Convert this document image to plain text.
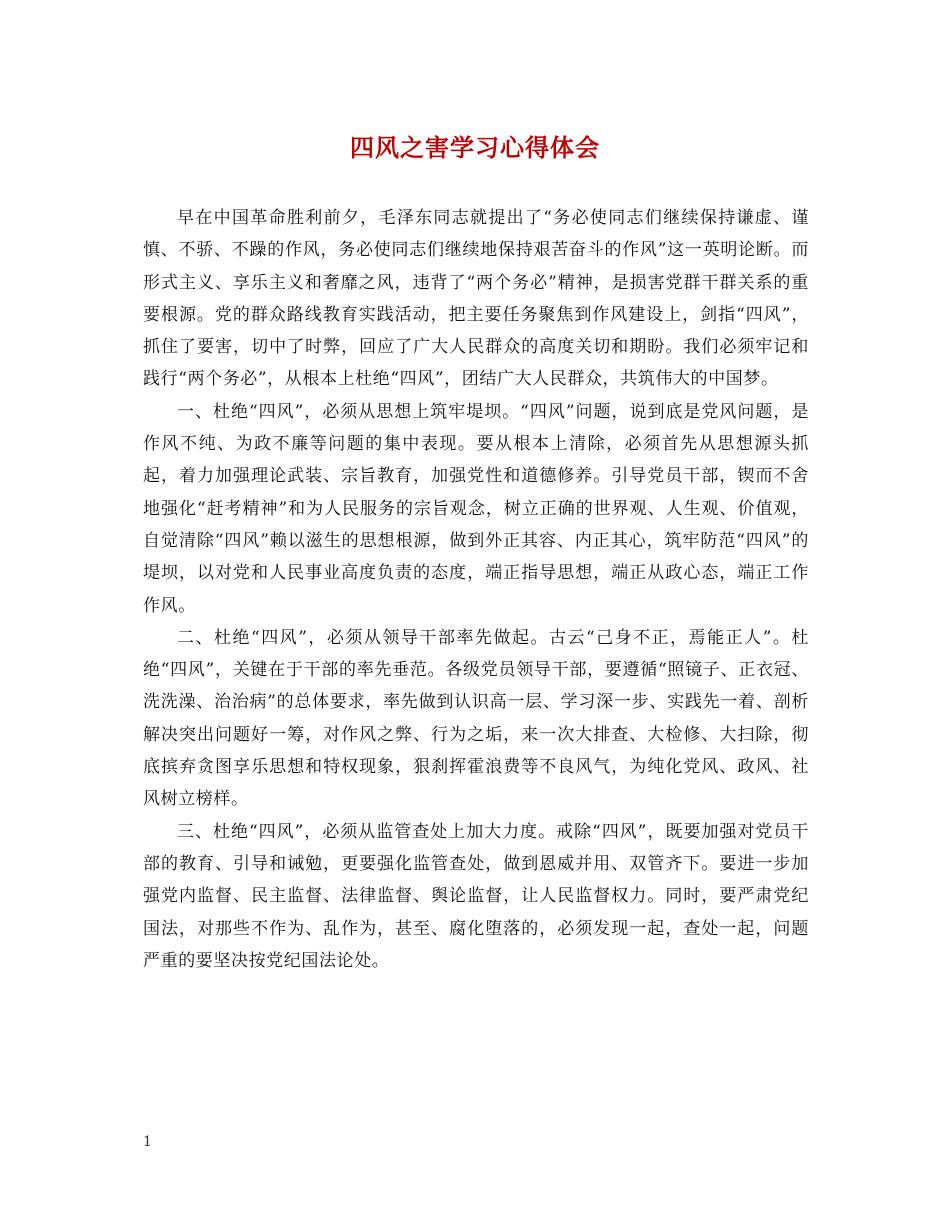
四风之害学习心得体会

早在中国革命胜利前夕，毛泽东同志就提出了“务必使同志们继续保持谦虚、谨慎、不骄、不躁的作风，务必使同志们继续地保持艰苦奋斗的作风”这一英明论断。而形式主义、享乐主义和奢靡之风，违背了“两个务必”精神，是损害党群干群关系的重要根源。党的群众路线教育实践活动，把主要任务聚焦到作风建设上，剑指“四风”，抓住了要害，切中了时弊，回应了广大人民群众的高度关切和期盼。我们必须牢记和践行“两个务必”，从根本上杜绝“四风”，团结广大人民群众，共筑伟大的中国梦。

一、杜绝“四风”，必须从思想上筑牢堤坝。“四风”问题，说到底是党风问题，是作风不纯、为政不廉等问题的集中表现。要从根本上清除，必须首先从思想源头抓起，着力加强理论武装、宗旨教育，加强党性和道德修养。引导党员干部，锲而不舍地强化“赶考精神”和为人民服务的宗旨观念，树立正确的世界观、人生观、价值观，自觉清除“四风”赖以滋生的思想根源，做到外正其容、内正其心，筑牢防范“四风”的堤坝，以对党和人民事业高度负责的态度，端正指导思想，端正从政心态，端正工作作风。

二、杜绝“四风”，必须从领导干部率先做起。古云“己身不正，焉能正人”。杜绝“四风”，关键在于干部的率先垂范。各级党员领导干部，要遵循“照镜子、正衣冠、洗洗澡、治治病”的总体要求，率先做到认识高一层、学习深一步、实践先一着、剖析解决突出问题好一筹，对作风之弊、行为之垢，来一次大排查、大检修、大扫除，彻底摈弃贪图享乐思想和特权现象，狠刹挥霍浪费等不良风气，为纯化党风、政风、社风树立榜样。

三、杜绝“四风”，必须从监管查处上加大力度。戒除“四风”，既要加强对党员干部的教育、引导和诫勉，更要强化监管查处，做到恩威并用、双管齐下。要进一步加强党内监督、民主监督、法律监督、舆论监督，让人民监督权力。同时，要严肃党纪国法，对那些不作为、乱作为，甚至、腐化堕落的，必须发现一起，查处一起，问题严重的要坚决按党纪国法论处。

1
